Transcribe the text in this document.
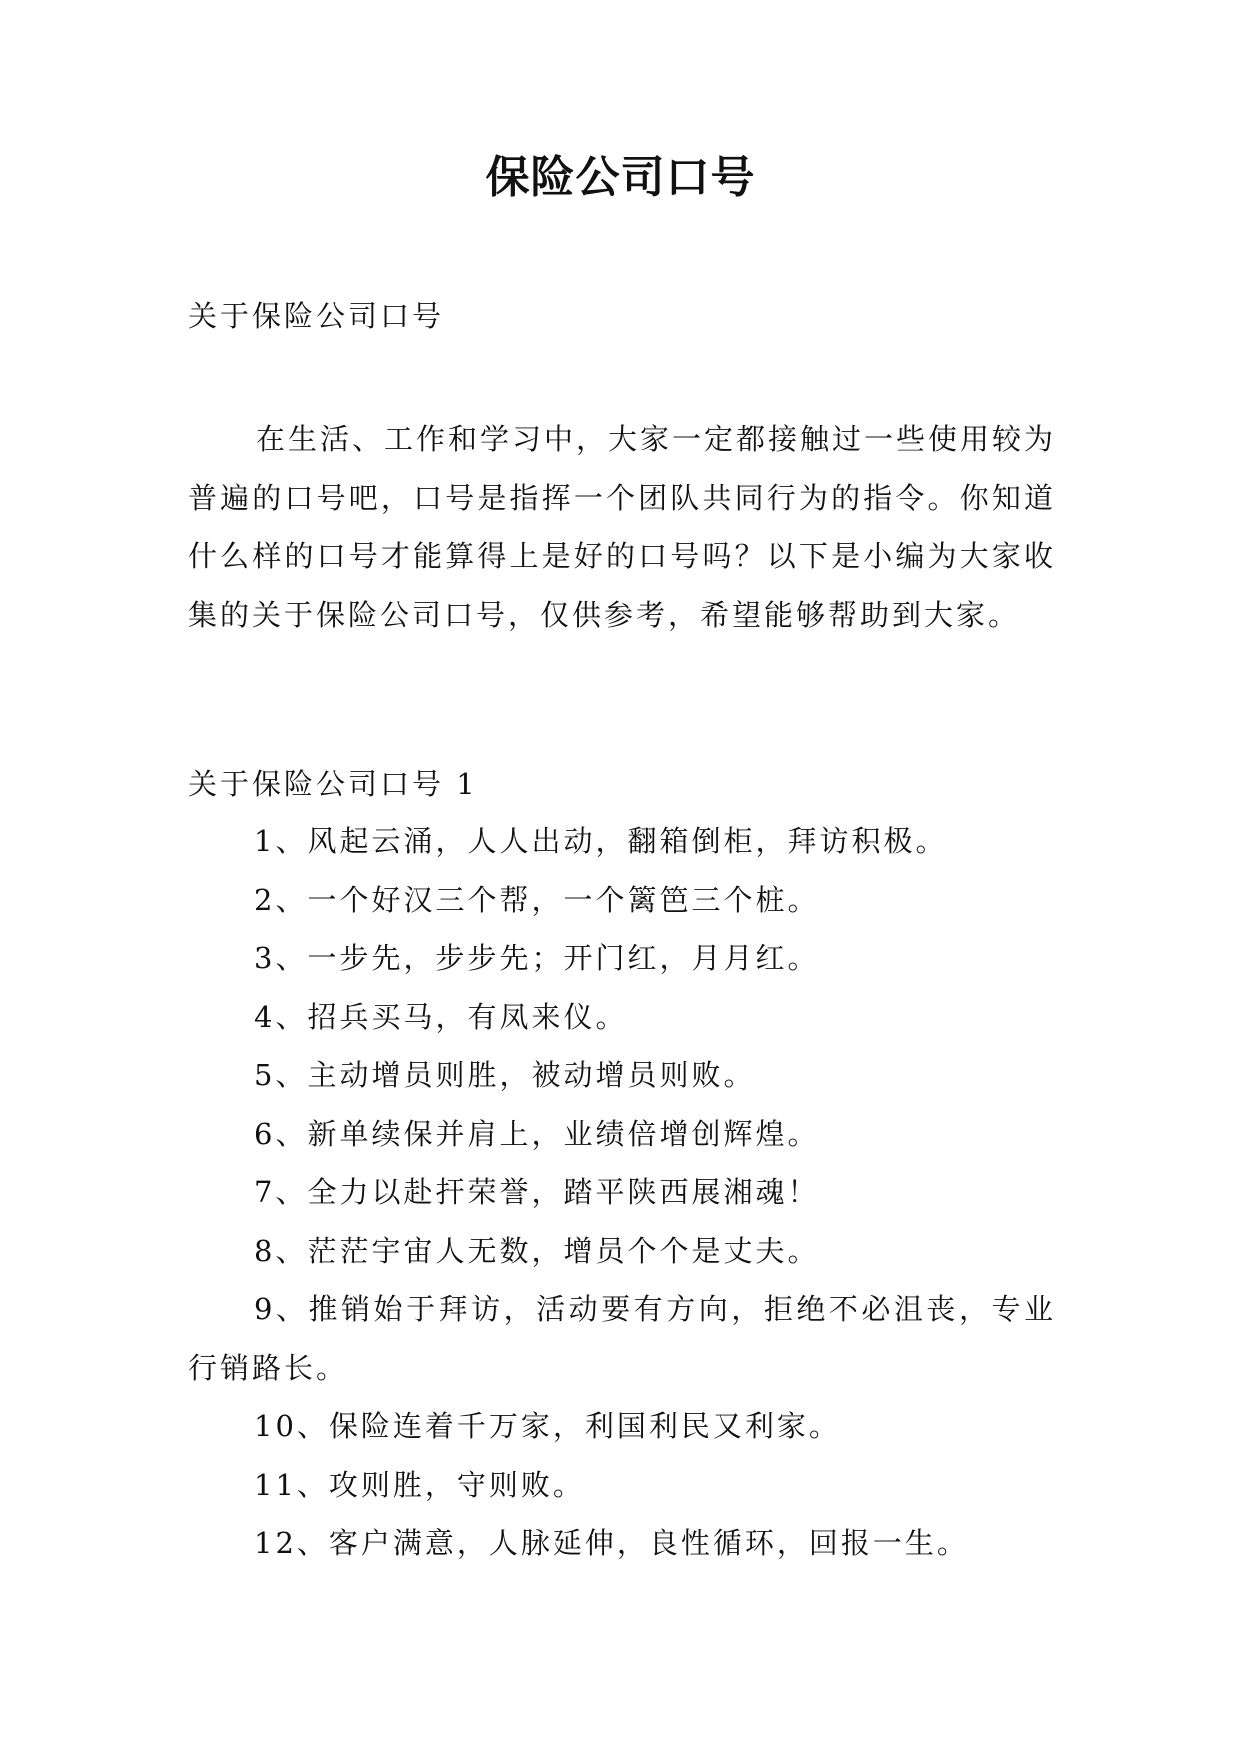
保险公司口号
关于保险公司口号

在生活、工作和学习中，大家一定都接触过一些使用较为普遍的口号吧，口号是指挥一个团队共同行为的指令。你知道什么样的口号才能算得上是好的口号吗？以下是小编为大家收集的关于保险公司口号，仅供参考，希望能够帮助到大家。

关于保险公司口号 1
1、风起云涌，人人出动，翻箱倒柜，拜访积极。
2、一个好汉三个帮，一个篱笆三个桩。
3、一步先，步步先；开门红，月月红。
4、招兵买马，有凤来仪。
5、主动增员则胜，被动增员则败。
6、新单续保并肩上，业绩倍增创辉煌。
7、全力以赴扞荣誉，踏平陕西展湘魂！
8、茫茫宇宙人无数，增员个个是丈夫。
9、推销始于拜访，活动要有方向，拒绝不必沮丧，专业行销路长。
10、保险连着千万家，利国利民又利家。
11、攻则胜，守则败。
12、客户满意，人脉延伸，良性循环，回报一生。
